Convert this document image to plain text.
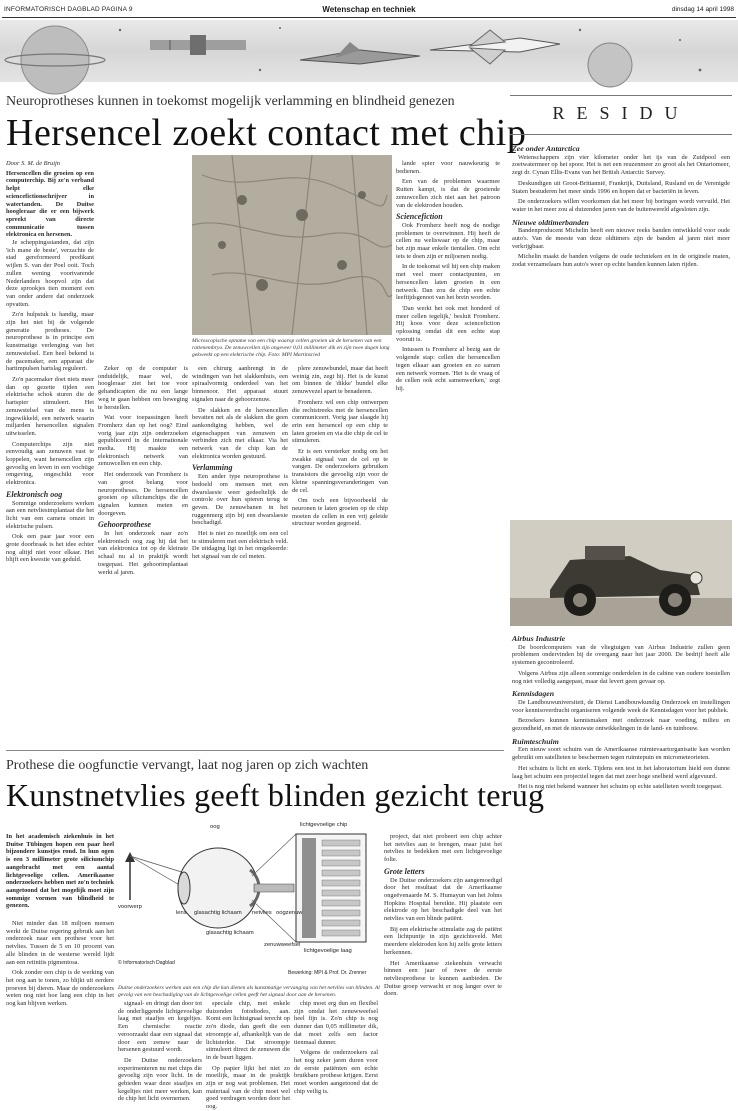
INFORMATORISCH DAGBLAD PAGINA 9	Wetenschap en techniek	dinsdag 14 april 1998
Neuroprotheses kunnen in toekomst mogelijk verlamming en blindheid genezen
Hersencel zoekt contact met chip
Door S. M. de Bruijn
Hersencellen die groeien op een computerchip. Bij ze'n verband helpt elke sciencefictionschrijver in watertanden. De Duitse hoogleraar die er een bijwerk spreekt van directe communicatie tussen elektronica en hersenen.

Je scheppingsstanden, dat zijn 'ich mane de beste', verzachte de stad gereformeerd predikant wijlen S. van der Poel ooit. Toch zullen wening voortvarende Nederlanders hoopvol zijn dat deze sprookjes tien moment een van onder andere dat onderzoek opvatten.

Zo'n hulpstuk is handig, maar zijn het niet bij de volgende generatie protheses. De neuroprothese is in principe een kunstmatige verlenging van het zenuwstelsel. Een heel bekend is de pacemaker, een apparaat die hartimpulsen hartslag reguleert.

Zo'n pacemaker doet niets meer dan op gezette tijden een elektrische schok sturen die de hartspier stimuleert. Het zenuwstelsel van de mens is ingewikkeld, een netwerk waarin miljarden hersencellen signalen uitwisselen.

Computerchips zijn niet eenvoudig aan zenuwen vast te koppelen, want hersencellen zijn gevoelig en leven in een vochtige omgeving, ongeschikt voor elektronica.

Elektronisch oog

Sommige onderzoekers werken aan een netvliesimplantaat die het licht van een camera omzet in elektrische pulsen.

Ook een paar jaar voor een grote doorbraak is het idee echter nog altijd niet voor elkaar. Het blijft een kwestie van geduld.

Microscopische opname van een chip waarop cellen groeien uit de hersenen van een rattenembryo. De zenuwcellen zijn ongeveer 0,01 millimeter dik en zijn twee dagen lang gekweekt op een elektrische chip. Foto: MPI Martinsried

Zeker op de computer is onduidelijk, maar wel, de hoogleraar ziet het toe voor gehandicapten die nu een lange weg te gaan hebben om beweging te herstellen.

Wat voor toepassingen heeft Fromherz dan op het oog? Eind vorig jaar zijn zijn onderzoeken gepubliceerd in de internationale media. Hij maakte een elektronisch netwerk van zenuwcellen en een chip.

Het onderzoek van Fromherz is van groot belang voor neuroprotheses. De hersencellen groeien op siliciumchips die de signalen kunnen meten en doorgeven.

Gehoorprothese

In het onderzoek naar zo'n elektronisch oog zag hij dat het van elektronica tot op de kleinste schaal nu al in praktijk wordt toegepast. Het gehoorimplantaat werkt al jaren.

een chirurg aanbrengt in de windingen van het slakkenhuis, een spiraalvormig onderdeel van het binnenoor. Het apparaat stuurt signalen naar de gehoorzenuw.

De slakken en de hersencellen bevatten net als de slakken die geen aankondiging hebben, wel de eigenschappen van zenuwen en verbinden zich met elkaar. Via het netwerk van de chip kan de elektronica worden gestuurd.

Verlamming

Een ander type neuroprothese is bedoeld om mensen met een dwarslaesie weer gedeeltelijk de controle over hun spieren terug te geven. De zenuwbanen in het ruggenmerg zijn bij een dwarslaesie beschadigd.

Het is niet zo moeilijk om een cel te stimuleren met een elektrisch veld. De uitdaging ligt in het omgekeerde: het signaal van de cel meten.

plere zenuwbundel, maar dat heeft weinig zin, zegt hij. Het is de kunst om binnen de 'dikke' bundel elke zenuwvezel apart te benaderen.

Fromherz wil een chip ontwerpen die rechtstreeks met de hersencellen communiceert. Vorig jaar slaagde hij erin een hersencel op een chip te laten groeien en via die chip de cel te stimuleren.

Er is een versterker nodig om het zwakke signaal van de cel op te vangen. De onderzoekers gebruiken transistors die gevoelig zijn voor de kleine spanningsveranderingen van de cel.

Om toch een bijvoorbeeld de neuronen te laten groeien op de chip moeten de cellen in een vrij geleide structuur worden gegroeid.

lande spier voor nauwkeurig te bedienen.

Een van de problemen waarmee Rutten kampt, is dat de groeiende zenuwcellen zich niet aan het patroon van de elektroden houden.

Sciencefiction

Ook Fromherz heeft nog de nodige problemen te overwinnen. Hij heeft de cellen nu weliswaar op de chip, maar het zijn maar enkele tientallen. Om echt iets te doen zijn er miljoenen nodig.

In de toekomst wil hij een chip maken met veel meer contactpunten, en hersencellen laten groeien in een netwerk. Dan zou de chip een echte leeftijdsgenoot van het brein worden.

'Dan werkt het ook met honderd of meer cellen tegelijk,' besluit Fromherz. Hij koos voor deze sciencefiction oplossing omdat dit een echte stap vooruit is.

Intussen is Fromherz al bezig aan de volgende stap: cellen die hersencellen tegen elkaar aan groeien en zo samen een netwerk vormen. 'Het is de vraag of de cellen ook echt samenwerken,' zegt hij.

RESIDU
Zee onder Antarctica

Wetenschappers zijn vier kilometer onder het ijs van de Zuidpool een zoetwatermeer op het spoor. Het is net een reuzenmeer zo groot als het Ontariomeer, zegt dr. Cynan Ellis-Evans van het British Antarctic Survey.

Deskundigen uit Groot-Brittannië, Frankrijk, Duitsland, Rusland en de Verenigde Staten bestuderen het meer sinds 1996 en hopen dat er bacteriën in leven.

De onderzoekers willen voorkomen dat het meer bij boringen wordt vervuild. Het water in het meer zou al duizenden jaren van de buitenwereld afgesloten zijn.

Nieuwe oldtimerbanden

Bandenproducent Michelin heeft een nieuwe reeks banden ontwikkeld voor oude auto's. Van de meeste van deze oldtimers zijn de banden al jaren niet meer verkrijgbaar.

Michelin maakt de banden volgens de oude technieken en in de originele maten, zodat verzamelaars hun auto's weer op echte banden kunnen laten rijden.

Airbus Industrie

De boordcomputers van de vliegtuigen van Airbus Industrie zullen geen problemen ondervinden bij de overgang naar het jaar 2000. De bedrijf heeft alle systemen gecontroleerd.

Volgens Airbus zijn alleen sommige onderdelen in de cabine van oudere toestellen nog niet volledig aangepast, maar dat levert geen gevaar op.

Kennisdagen

De Landbouwuniversiteit, de Dienst Landbouwkundig Onderzoek en instellingen voor kennisoverdracht organiseren volgende week de Kennisdagen voor het publiek.

Bezoekers kunnen kennismaken met onderzoek naar voeding, milieu en gezondheid, en met de nieuwste ontwikkelingen in de land- en tuinbouw.

Ruimteschuim

Een nieuw soort schuim van de Amerikaanse ruimtevaartorganisatie kan worden gebruikt om satellieten te beschermen tegen ruimtepuin en micrometeorieten.

Het schuim is licht en sterk. Tijdens een test in het laboratorium hield een dunne laag het schuim een projectiel tegen dat met zeer hoge snelheid werd afgevuurd.

Het is nog niet bekend wanneer het schuim op echte satellieten wordt toegepast.

Prothese die oogfunctie vervangt, laat nog jaren op zich wachten
Kunstnetvlies geeft blinden gezicht terug
In het academisch ziekenhuis in het Duitse Tübingen hopen een paar heel bijzondere kunstjes rond. In hun ogen is een 3 millimeter grote siliciumchip aangebracht met een aantal lichtgevoelige cellen. Amerikaanse onderzoekers hebben met zo'n techniek aangetoond dat het mogelijk moet zijn sommige vormen van blindheid te genezen.

Niet minder dan 18 miljoen mensen werkt de Duitse regering gebruik aan het onderzoek naar een prothese voor het netvlies. Tussen de 5 en 10 procent van alle blinden in de westerse wereld lijdt aan een retinitis pigmentosa.

Ook zonder een chip is de werking van het oog aan te tonen, zo blijkt uit eerdere proeven bij dieren. Maar de onderzoekers weten nog niet hoe lang een chip in het oog kan blijven werken.

oog	lichtgevoelige chip
voorwerp
lens glasachtig lichaam netvlies oogzenuw
glasachtig lichaam
zenuwweefsel
lichtgevoelige laag
© Informatorisch Dagblad
Bewerking: MPI & Prof. Dr. Zrenner
Duitse onderzoekers werken aan een chip die kan dienen als kunstmatige vervanging van het netvlies van blinden. Al gevolg van een beschadiging van de lichtgevoelige cellen geeft het signaal door aan de hersenen.

signaal- en dringt dan door tot de onderliggende lichtgevoelige laag met staafjes en kegeltjes. Een chemische reactie veroorzaakt daar een signaal dat door een zenuw naar de hersenen gestuurd wordt.

De Duitse onderzoekers experimenteren nu met chips die gevoelig zijn voor licht. In de gebieden waar deze staafjes en kegeltjes niet meer werken, kan de chip het licht overnemen.

speciale chip, met enkele duizenden fotodiodes, aan. Komt een lichtsignaal terecht op zo'n diode, dan geeft die een stroompje af, afhankelijk van de lichtsterkte. Dat stroompje stimuleert direct de zenuwen die in de buurt liggen.

Op papier lijkt het niet zo moeilijk, maar in de praktijk zijn er nog wat problemen. Het materiaal van de chip moet wel goed verdragen worden door het oog.

chip moet erg dun en flexibel zijn omdat het zenuwweefsel heel fijn is. Zo'n chip is nog dunner dan 0,05 millimeter dik, dat moet zelfs een factor tienmaal dunner.

Volgens de onderzoekers zal het nog zeker jaren duren voor de eerste patiënten een echte bruikbare prothese krijgen. Eerst moet worden aangetoond dat de chip veilig is.

project, dat niet probeert een chip achter het netvlies aan te brengen, maar juist het netvlies te bedekken met een lichtgevoelige folie.

Grote letters

De Duitse onderzoekers zijn aangemoedigd door het resultaat dat de Amerikaanse ongeëvenaarde M. S. Humayun van het Johns Hopkins Hospital bereikte. Hij plaatste een elektrode op het beschadigde deel van het netvlies van een blinde patiënt.

Bij een elektrische stimulatie zag de patiënt een lichtpuntje in zijn gezichtsveld. Met meerdere elektroden kon hij zelfs grote letters herkennen.

Het Amerikaanse ziekenhuis verwacht binnen een jaar of twee de eerste netvliesprothese te kunnen aanbieden. De Duitse groep verwacht er nog langer over te doen.
